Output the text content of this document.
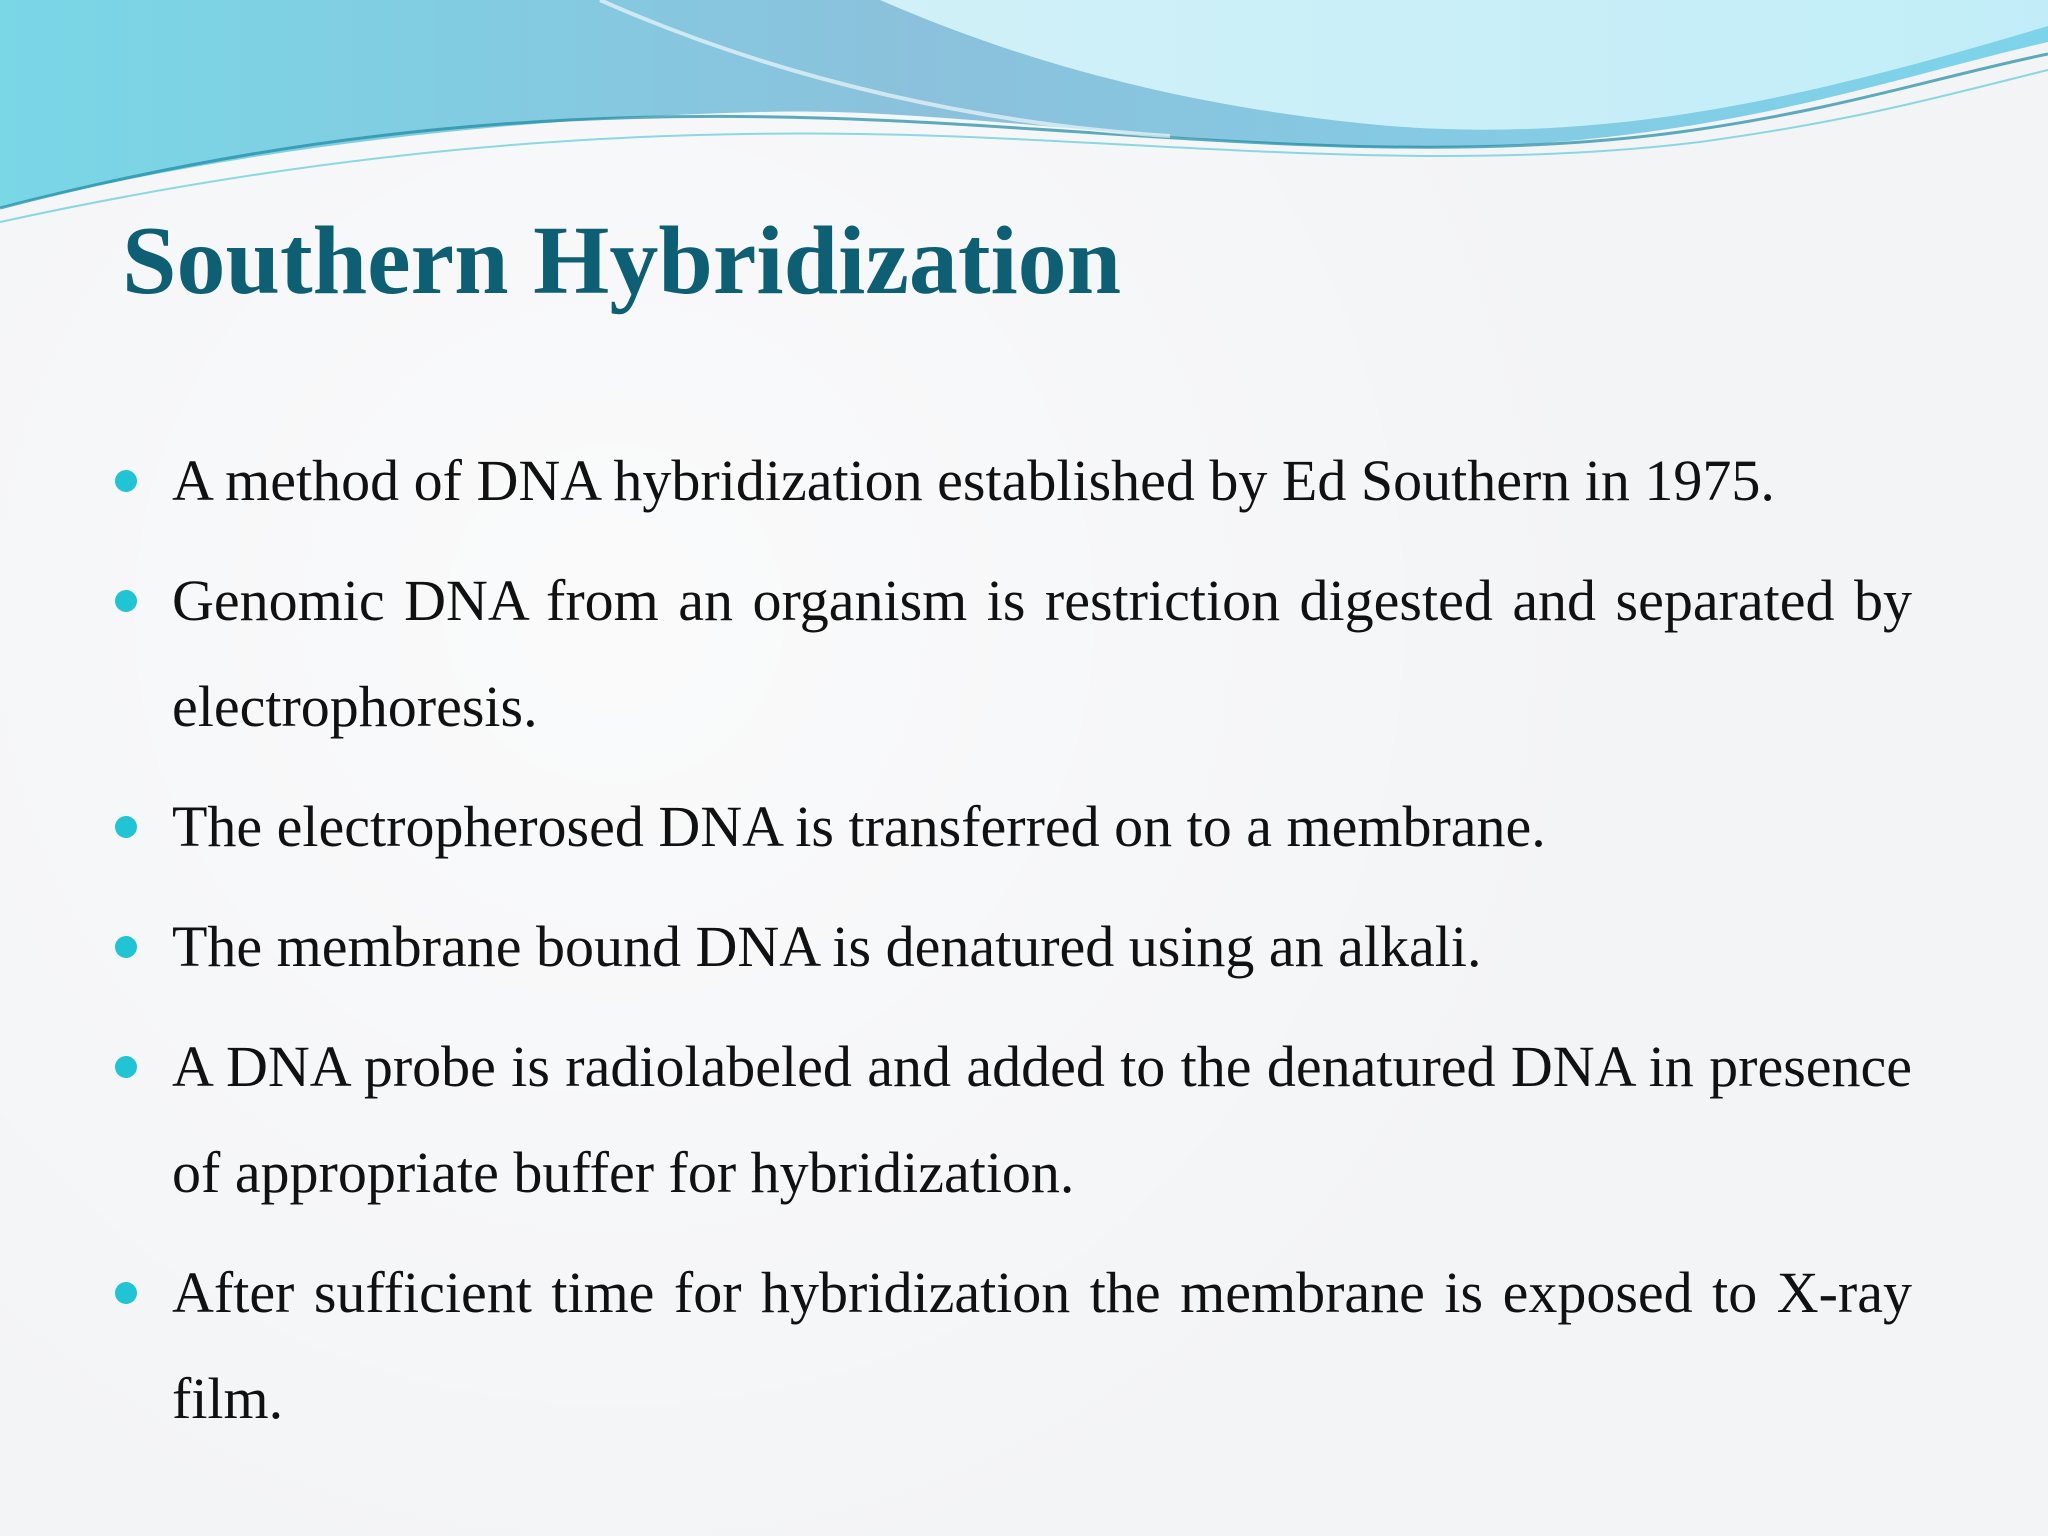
Southern Hybridization
A method of DNA hybridization established by Ed Southern in 1975.
Genomic DNA from an organism is restriction digested and separated by electrophoresis.
The electropherosed DNA is transferred on to a membrane.
The membrane bound DNA is denatured using an alkali.
A DNA probe is radiolabeled and added to the denatured DNA in presence of appropriate buffer for hybridization.
After sufficient time for hybridization the membrane is exposed to X-ray film.
